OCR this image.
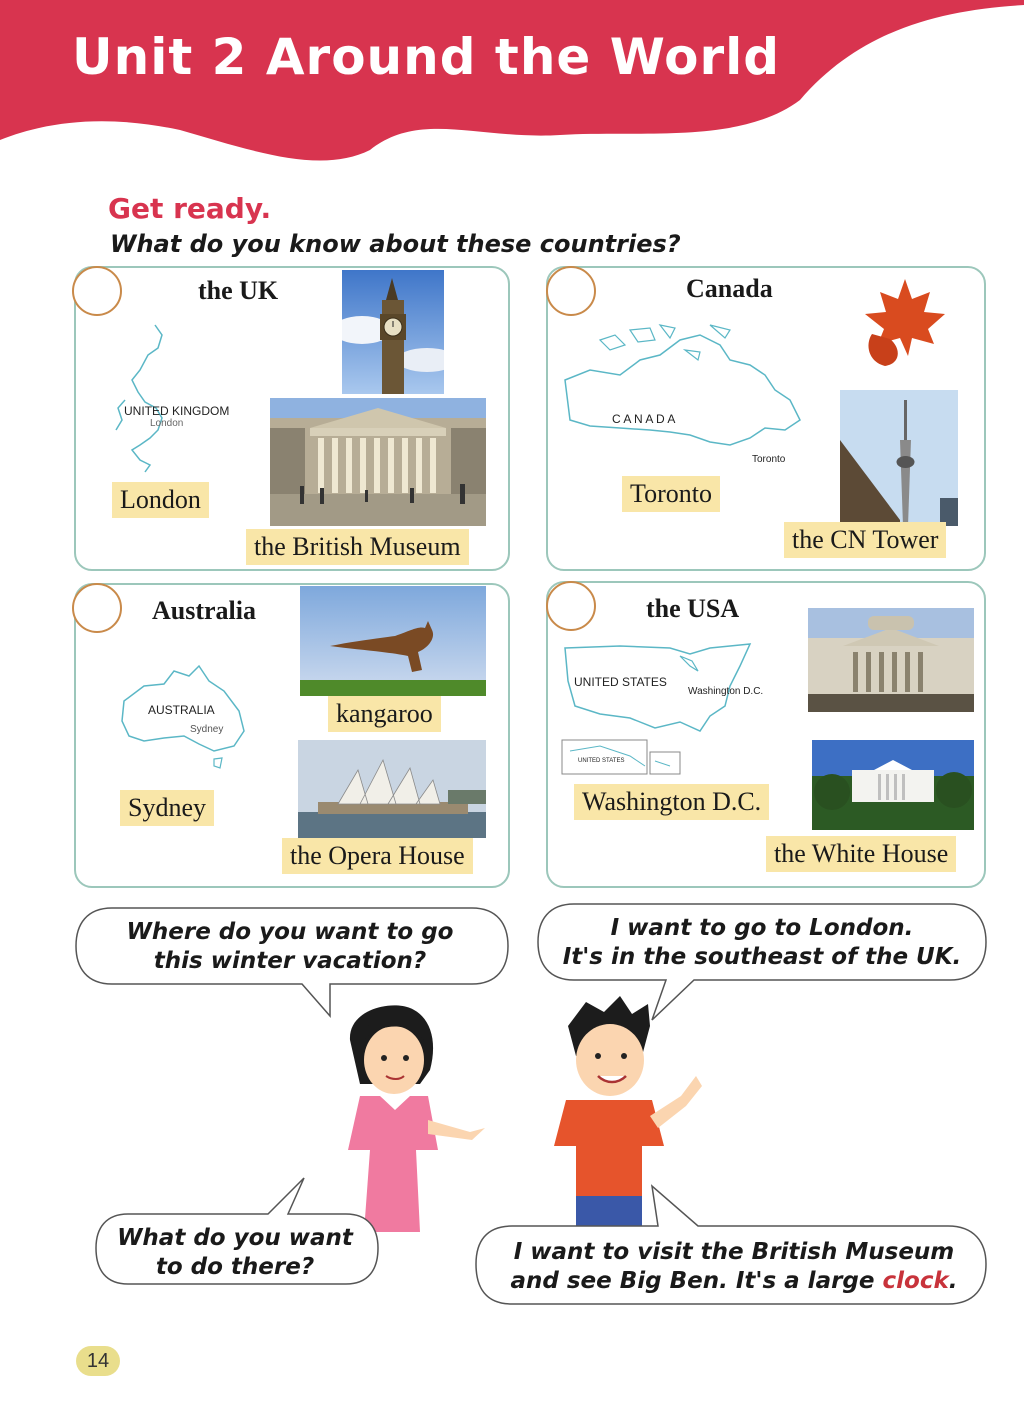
Unit 2 Around the World
Get ready.
What do you know about these countries?
the UK
UNITED KINGDOM
London
London
the British Museum
Canada
C A N A D A
Toronto
Toronto
the CN Tower
Australia
AUSTRALIA
Sydney
kangaroo
Sydney
the Opera House
the USA
UNITED STATES
Washington D.C.
UNITED STATES
Washington D.C.
the White House
Where do you want to go
this winter vacation?
I want to go to London.
It's in the southeast of the UK.
What do you want
to do there?
I want to visit the British Museum
and see Big Ben. It's a large clock.
14
